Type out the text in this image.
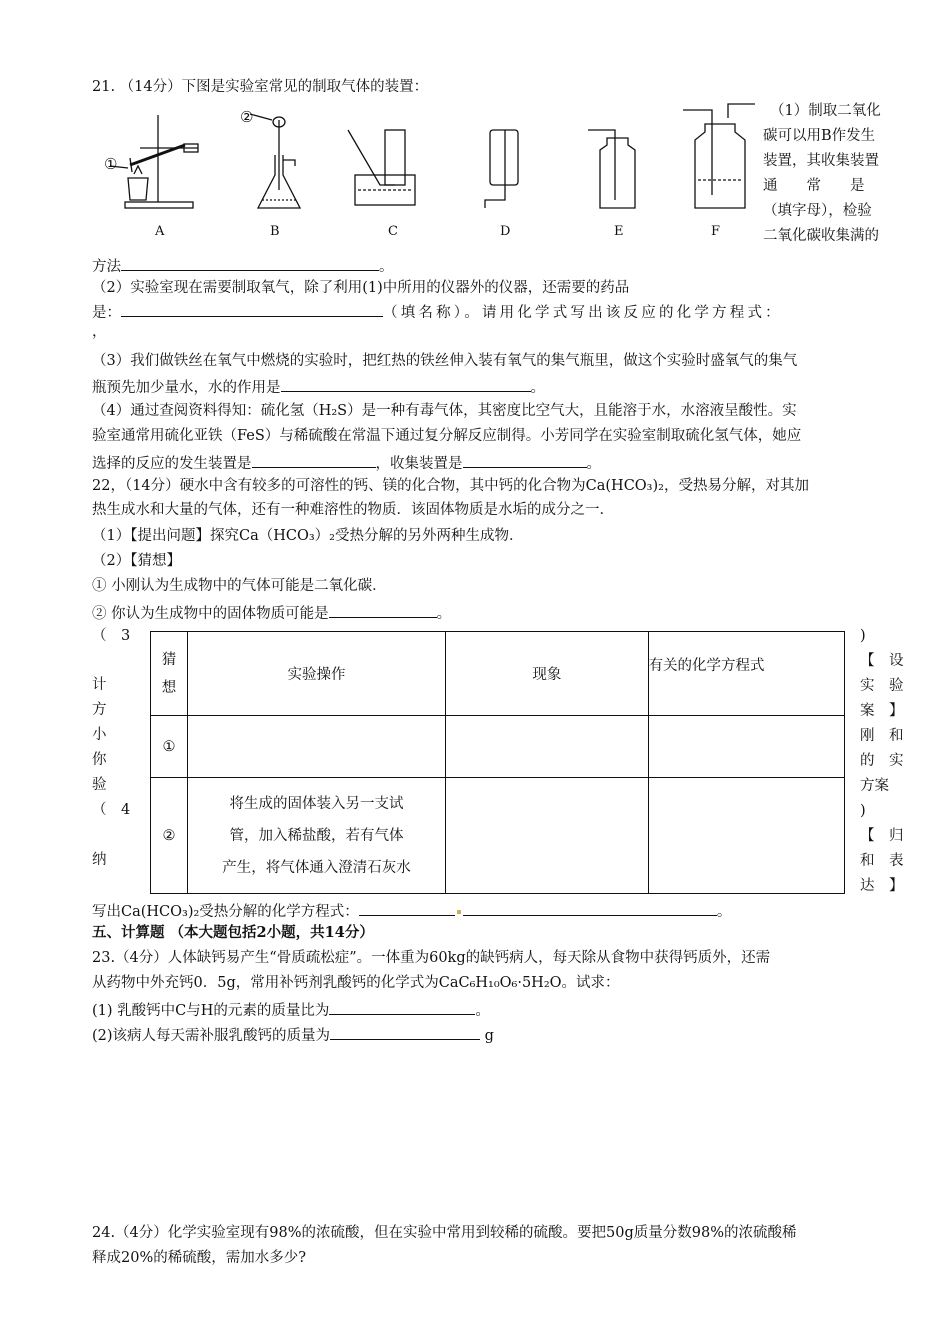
21. （14分）下图是实验室常见的制取气体的装置：
①
②
A	B	C	D	E	F
（1）制取二氧化
碳可以用B作发生
装置，其收集装置
通　　常　　是
（填字母），检验
二氧化碳收集满的
方法	。
（2）实验室现在需要制取氧气，除了利用(1)中所用的仪器外的仪器，还需要的药品
是：	（填名称）。请用化学式写出该反应的化学方程式：
，
（3）我们做铁丝在氧气中燃烧的实验时，把红热的铁丝伸入装有氧气的集气瓶里，做这个实验时盛氧气的集气
瓶预先加少量水，水的作用是	。
（4）通过查阅资料得知：硫化氢（H₂S）是一种有毒气体，其密度比空气大，且能溶于水，水溶液呈酸性。实
验室通常用硫化亚铁（FeS）与稀硫酸在常温下通过复分解反应制得。小芳同学在实验室制取硫化氢气体，她应
选择的反应的发生装置是	，收集装置是	。
22，（14分）硬水中含有较多的可溶性的钙、镁的化合物，其中钙的化合物为Ca(HCO₃)₂，受热易分解，对其加
热生成水和大量的气体，还有一种难溶性的物质．该固体物质是水垢的成分之一．
（1）【提出问题】探究Ca（HCO₃）₂受热分解的另外两种生成物．
（2）【猜想】
① 小刚认为生成物中的气体可能是二氧化碳．
② 你认为生成物中的固体物质可能是	。
（　3
计
方
小
你
验
（　4
纳
)
【　设
实　验
案　】
刚　和
的　实
方案
)
【　归
和　表
达　】
猜想	实验操作	现象	有关的化学方程式
①			
②	将生成的固体装入另一支试
管，加入稀盐酸，若有气体
产生，将气体通入澄清石灰水		

写出Ca(HCO₃)₂受热分解的化学方程式：	。
五、计算题 （本大题包括2小题，共14分）
23.（4分）人体缺钙易产生“骨质疏松症”。一体重为60kg的缺钙病人，每天除从食物中获得钙质外，还需
从药物中外充钙0．5g，常用补钙剂乳酸钙的化学式为CaC₆H₁₀O₆·5H₂O。试求：
(1) 乳酸钙中C与H的元素的质量比为	。
(2)该病人每天需补服乳酸钙的质量为	g
24.（4分）化学实验室现有98%的浓硫酸，但在实验中常用到较稀的硫酸。要把50g质量分数98%的浓硫酸稀
释成20%的稀硫酸，需加水多少?
